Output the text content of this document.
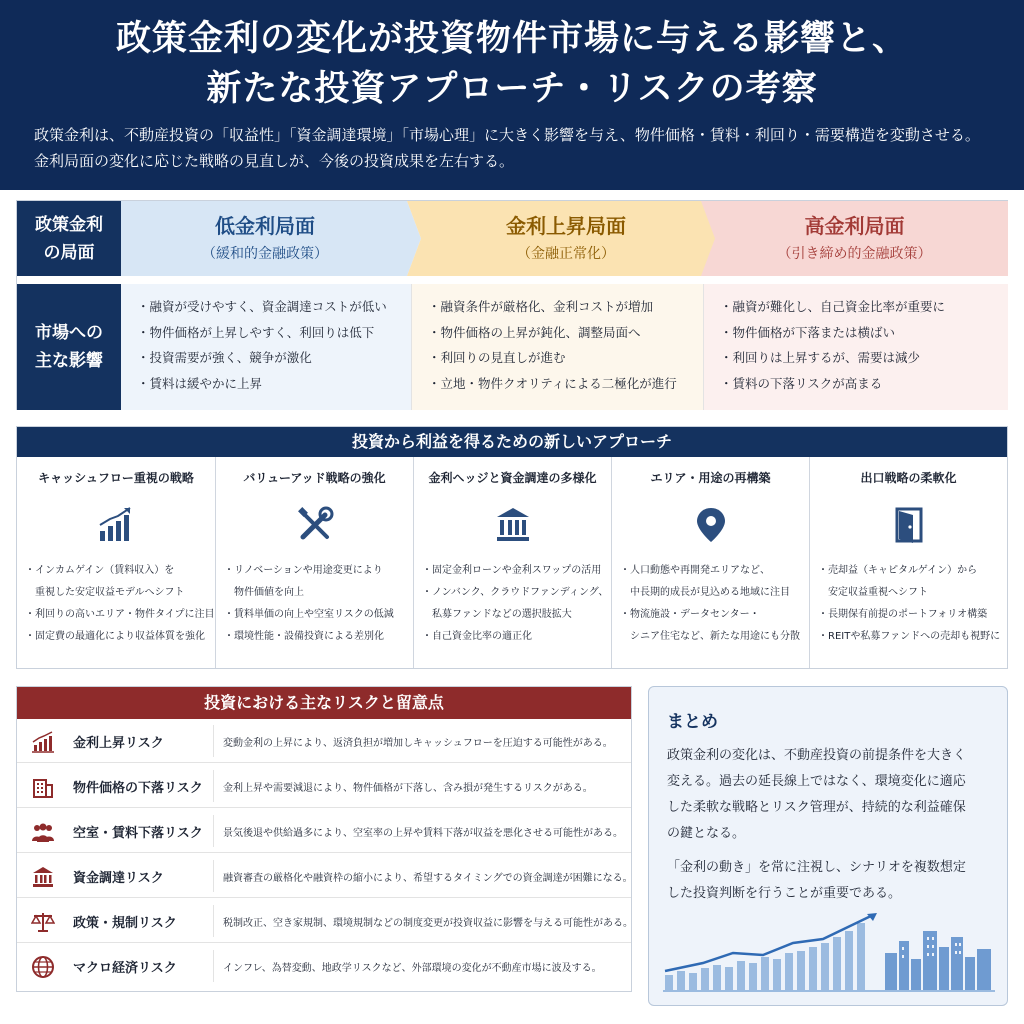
政策金利の変化が投資物件市場に与える影響と、
新たな投資アプローチ・リスクの考察
政策金利は、不動産投資の「収益性」「資金調達環境」「市場心理」に大きく影響を与え、物件価格・賃料・利回り・需要構造を変動させる。
金利局面の変化に応じた戦略の見直しが、今後の投資成果を左右する。
政策金利
の局面
市場への
主な影響
低金利局面
（緩和的金融政策）
金利上昇局面
（金融正常化）
高金利局面
（引き締め的金融政策）
・ 融資が受けやすく、資金調達コストが低い
・ 物件価格が上昇しやすく、利回りは低下
・ 投資需要が強く、競争が激化
・ 賃料は緩やかに上昇
・ 融資条件が厳格化、金利コストが増加
・ 物件価格の上昇が鈍化、調整局面へ
・ 利回りの見直しが進む
・ 立地・物件クオリティによる二極化が進行
・ 融資が難化し、自己資金比率が重要に
・ 物件価格が下落または横ばい
・ 利回りは上昇するが、需要は減少
・ 賃料の下落リスクが高まる
投資から利益を得るための新しいアプローチ
キャッシュフロー重視の戦略
・ インカムゲイン（賃料収入）を
重視した安定収益モデルへシフト
・ 利回りの高いエリア・物件タイプに注目
・ 固定費の最適化により収益体質を強化
バリューアッド戦略の強化
・ リノベーションや用途変更により
物件価値を向上
・ 賃料単価の向上や空室リスクの低減
・ 環境性能・設備投資による差別化
金利ヘッジと資金調達の多様化
・ 固定金利ローンや金利スワップの活用
・ ノンバンク、クラウドファンディング、
私募ファンドなどの選択肢拡大
・ 自己資金比率の適正化
エリア・用途の再構築
・ 人口動態や再開発エリアなど、
中長期的成長が見込める地域に注目
・ 物流施設・データセンター・
シニア住宅など、新たな用途にも分散
出口戦略の柔軟化
・ 売却益（キャピタルゲイン）から
安定収益重視へシフト
・ 長期保有前提のポートフォリオ構築
・ REITや私募ファンドへの売却も視野に
投資における主なリスクと留意点
金利上昇リスク	変動金利の上昇により、返済負担が増加しキャッシュフローを圧迫する可能性がある。
物件価格の下落リスク 金利上昇や需要減退により、物件価格が下落し、含み損が発生するリスクがある。
空室・賃料下落リスク 景気後退や供給過多により、空室率の上昇や賃料下落が収益を悪化させる可能性がある。
資金調達リスク	融資審査の厳格化や融資枠の縮小により、希望するタイミングでの資金調達が困難になる。
政策・規制リスク	税制改正、空き家規制、環境規制などの制度変更が投資収益に影響を与える可能性がある。
マクロ経済リスク	インフレ、為替変動、地政学リスクなど、外部環境の変化が不動産市場に波及する。
まとめ
政策金利の変化は、不動産投資の前提条件を大きく
変える。過去の延長線上ではなく、環境変化に適応
した柔軟な戦略とリスク管理が、持続的な利益確保
の鍵となる。
「金利の動き」を常に注視し、シナリオを複数想定
した投資判断を行うことが重要である。
